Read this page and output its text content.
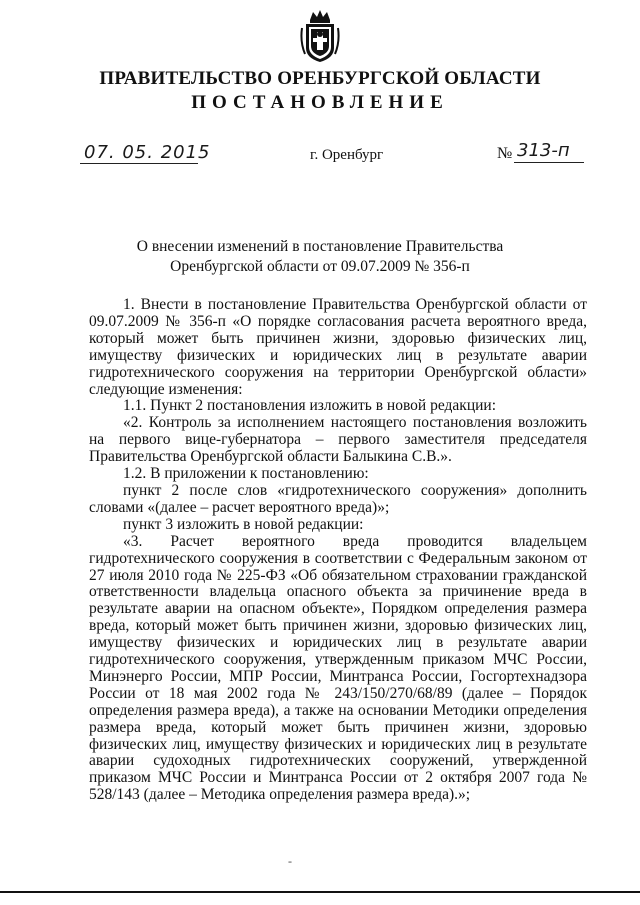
ПРАВИТЕЛЬСТВО ОРЕНБУРГСКОЙ ОБЛАСТИ
ПОСТАНОВЛЕНИЕ
07. 05. 2015	г. Оренбург	№ 313-п
О внесении изменений в постановление Правительства
Оренбургской области от 09.07.2009 № 356-п

1. Внести в постановление Правительства Оренбургской области от 09.07.2009 № 356-п «О порядке согласования расчета вероятного вреда, который может быть причинен жизни, здоровью физических лиц, имуществу физических и юридических лиц в результате аварии гидротехнического сооружения на территории Оренбургской области» следующие изменения:

1.1. Пункт 2 постановления изложить в новой редакции:

«2. Контроль за исполнением настоящего постановления возложить на первого вице-губернатора – первого заместителя председателя Правительства Оренбургской области Балыкина С.В.».

1.2. В приложении к постановлению:

пункт 2 после слов «гидротехнического сооружения» дополнить словами «(далее – расчет вероятного вреда)»;

пункт 3 изложить в новой редакции:

«3. Расчет вероятного вреда проводится владельцем гидротехнического сооружения в соответствии с Федеральным законом от 27 июля 2010 года № 225-ФЗ «Об обязательном страховании гражданской ответственности владельца опасного объекта за причинение вреда в результате аварии на опасном объекте», Порядком определения размера вреда, который может быть причинен жизни, здоровью физических лиц, имуществу физических и юридических лиц в результате аварии гидротехнического сооружения, утвержденным приказом МЧС России, Минэнерго России, МПР России, Минтранса России, Госгортехнадзора России от 18 мая 2002 года № 243/150/270/68/89 (далее – Порядок определения размера вреда), а также на основании Методики определения размера вреда, который может быть причинен жизни, здоровью физических лиц, имуществу физических и юридических лиц в результате аварии судоходных гидротехнических сооружений, утвержденной приказом МЧС России и Минтранса России от 2 октября 2007 года № 528/143 (далее – Методика определения размера вреда).»;

-
